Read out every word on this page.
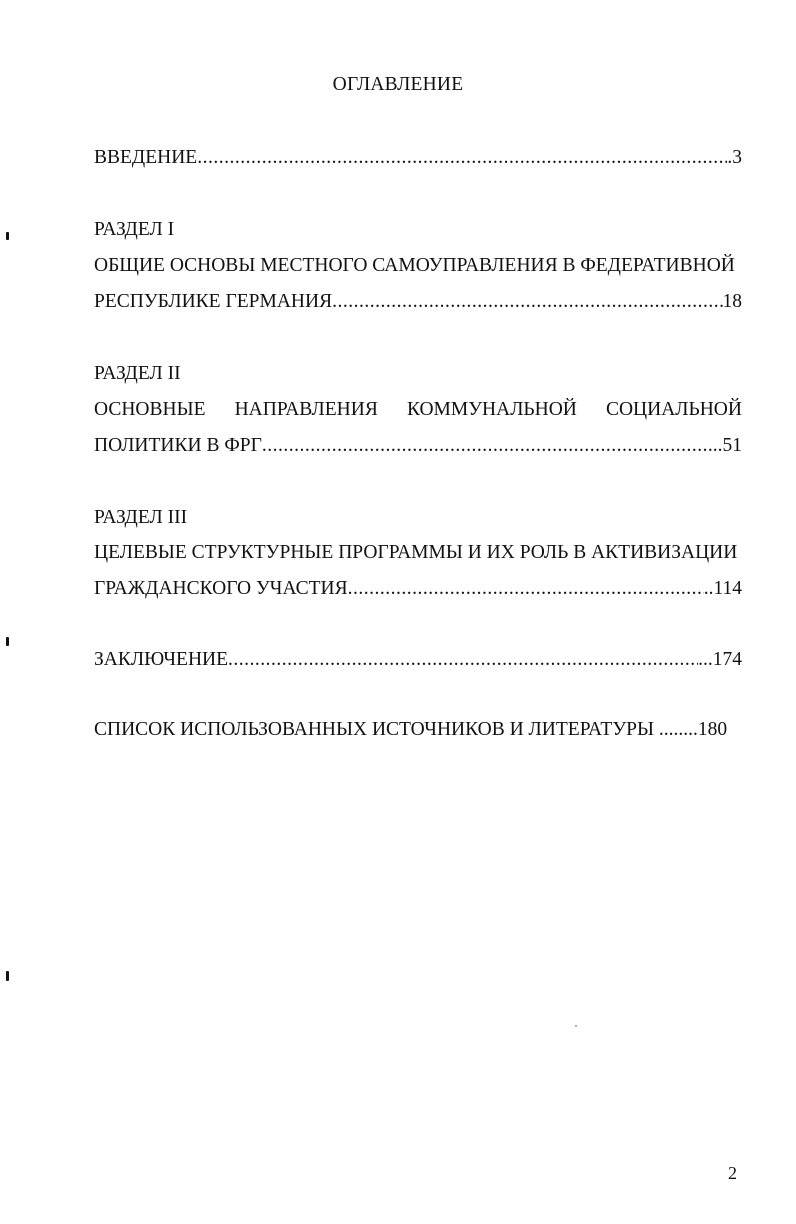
ОГЛАВЛЕНИЕ
ВВЕДЕНИЕ .....	.3
РАЗДЕЛ I
ОБЩИЕ ОСНОВЫ МЕСТНОГО САМОУПРАВЛЕНИЯ В ФЕДЕРАТИВНОЙ
РЕСПУБЛИКЕ ГЕРМАНИЯ .....	18
РАЗДЕЛ II
ОСНОВНЫЕ НАПРАВЛЕНИЯ КОММУНАЛЬНОЙ СОЦИАЛЬНОЙ
ПОЛИТИКИ В ФРГ .....	...51
РАЗДЕЛ III
ЦЕЛЕВЫЕ СТРУКТУРНЫЕ ПРОГРАММЫ И ИХ РОЛЬ В АКТИВИЗАЦИИ
ГРАЖДАНСКОГО УЧАСТИЯ .....	..114
ЗАКЛЮЧЕНИЕ .....	...174
СПИСОК ИСПОЛЬЗОВАННЫХ ИСТОЧНИКОВ И ЛИТЕРАТУРЫ ........180
2
